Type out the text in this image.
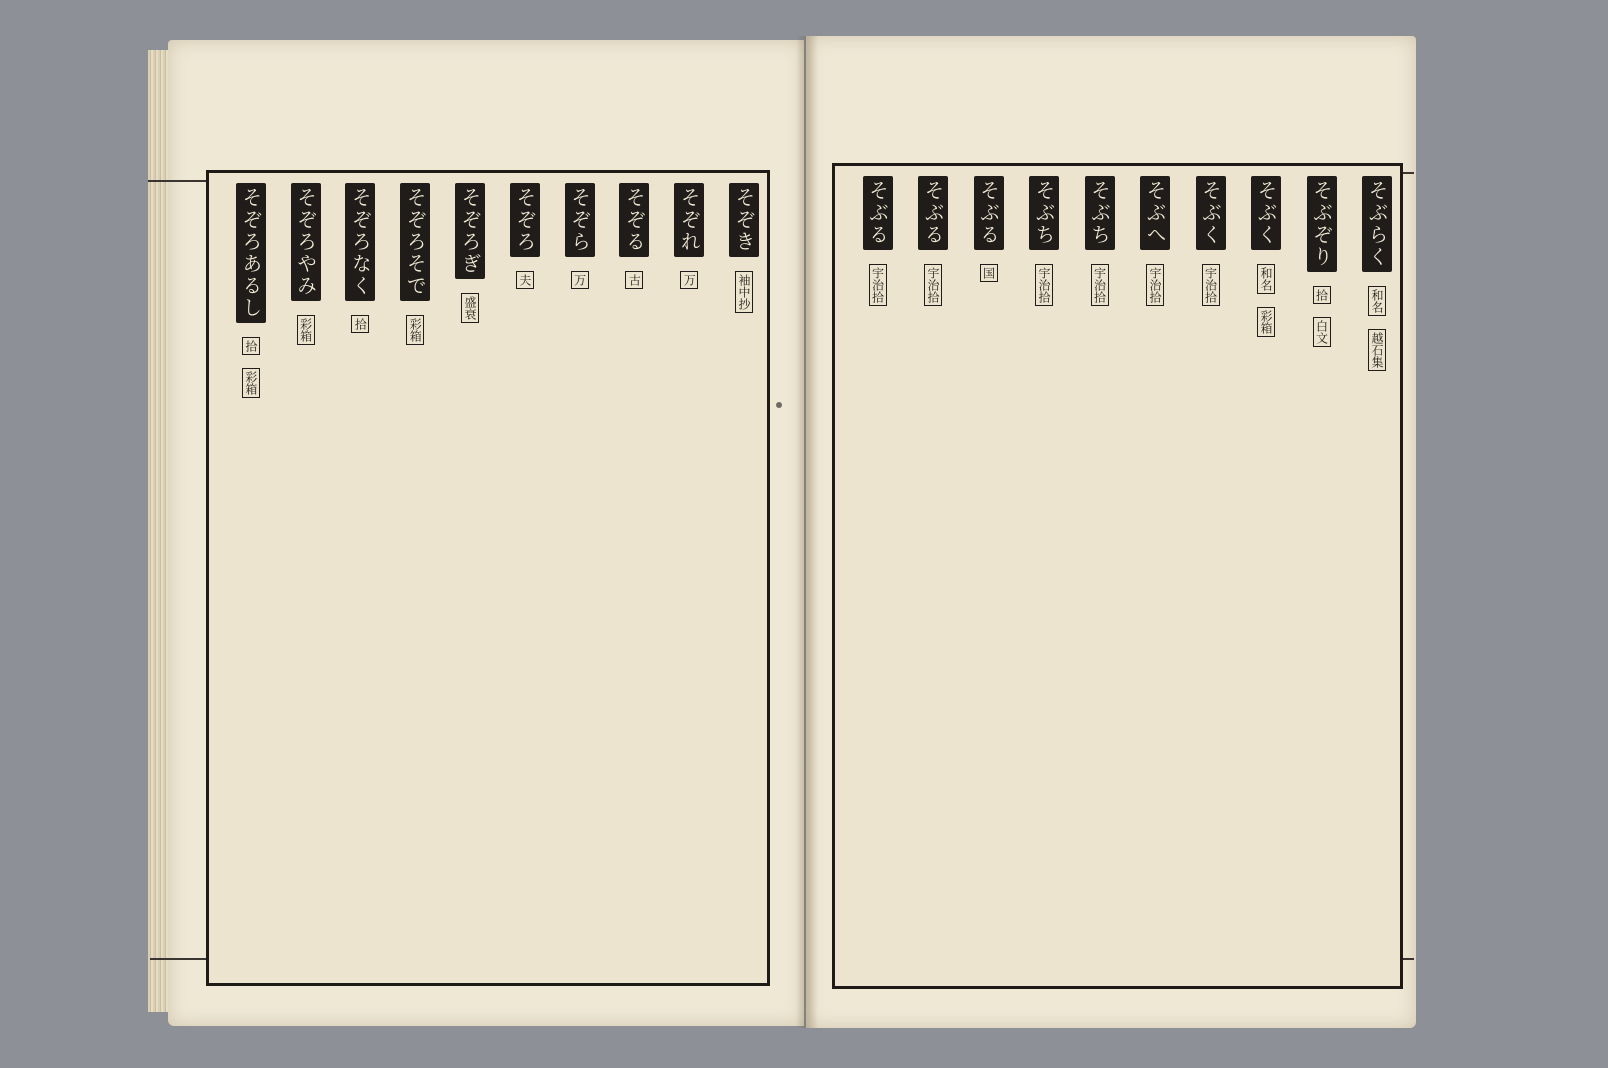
そぞき 袖中抄
そぞれ 万
そぞる 古
そぞら 万
そぞろ 夫
そぞろぎ 盛衰
そぞろそで 彩箱
そぞろなく 拾
そぞろやみ 彩箱
そぞろあるし 拾 彩箱
そぶらく 和名 越石集
そぶぞり 拾 白文
そぶく 和名 彩箱
そぶく 宇治拾
そぶへ 宇治拾
そぶち 宇治拾
そぶち 宇治拾
そぶる 国
そぶる 宇治拾
そぶる 宇治拾
